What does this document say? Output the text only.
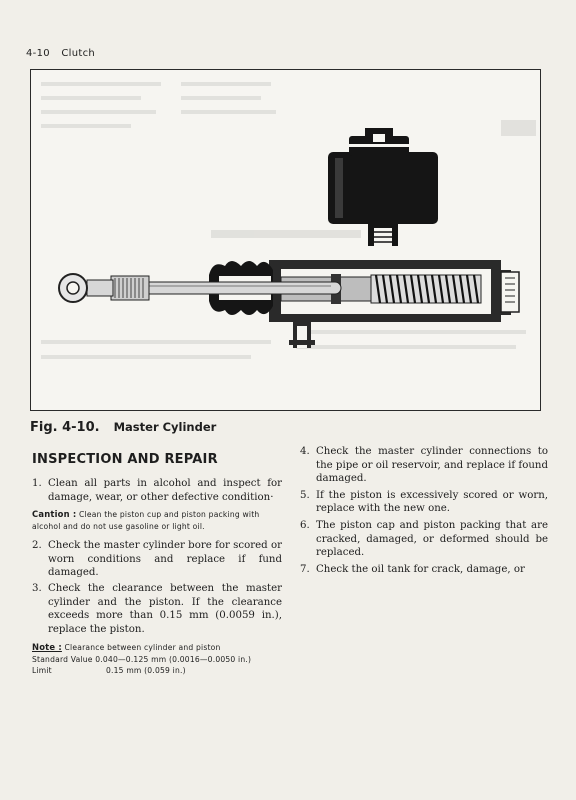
4-10 Clutch
Fig. 4-10. Master Cylinder
INSPECTION AND REPAIR
1. Clean all parts in alcohol and inspect for damage, wear, or other defective condition·
Cantion : Clean the piston cup and piston packing with alcohol and do not use gasoline or light oil.
2. Check the master cylinder bore for scored or worn conditions and replace if fund damaged.
3. Check the clearance between the master cylinder and the piston. If the clearance exceeds more than 0.15 mm (0.0059 in.), replace the piston.
Note : Clearance between cylinder and piston
Standard Value
0.040—0.125 mm (0.0016—0.0050 in.)
Limit	0.15 mm (0.059 in.)
4. Check the master cylinder connections to the pipe or oil reservoir, and replace if found damaged.
5. If the piston is excessively scored or worn, replace with the new one.
6. The piston cap and piston packing that are cracked, damaged, or deformed should be replaced.
7. Check the oil tank for crack, damage, or
